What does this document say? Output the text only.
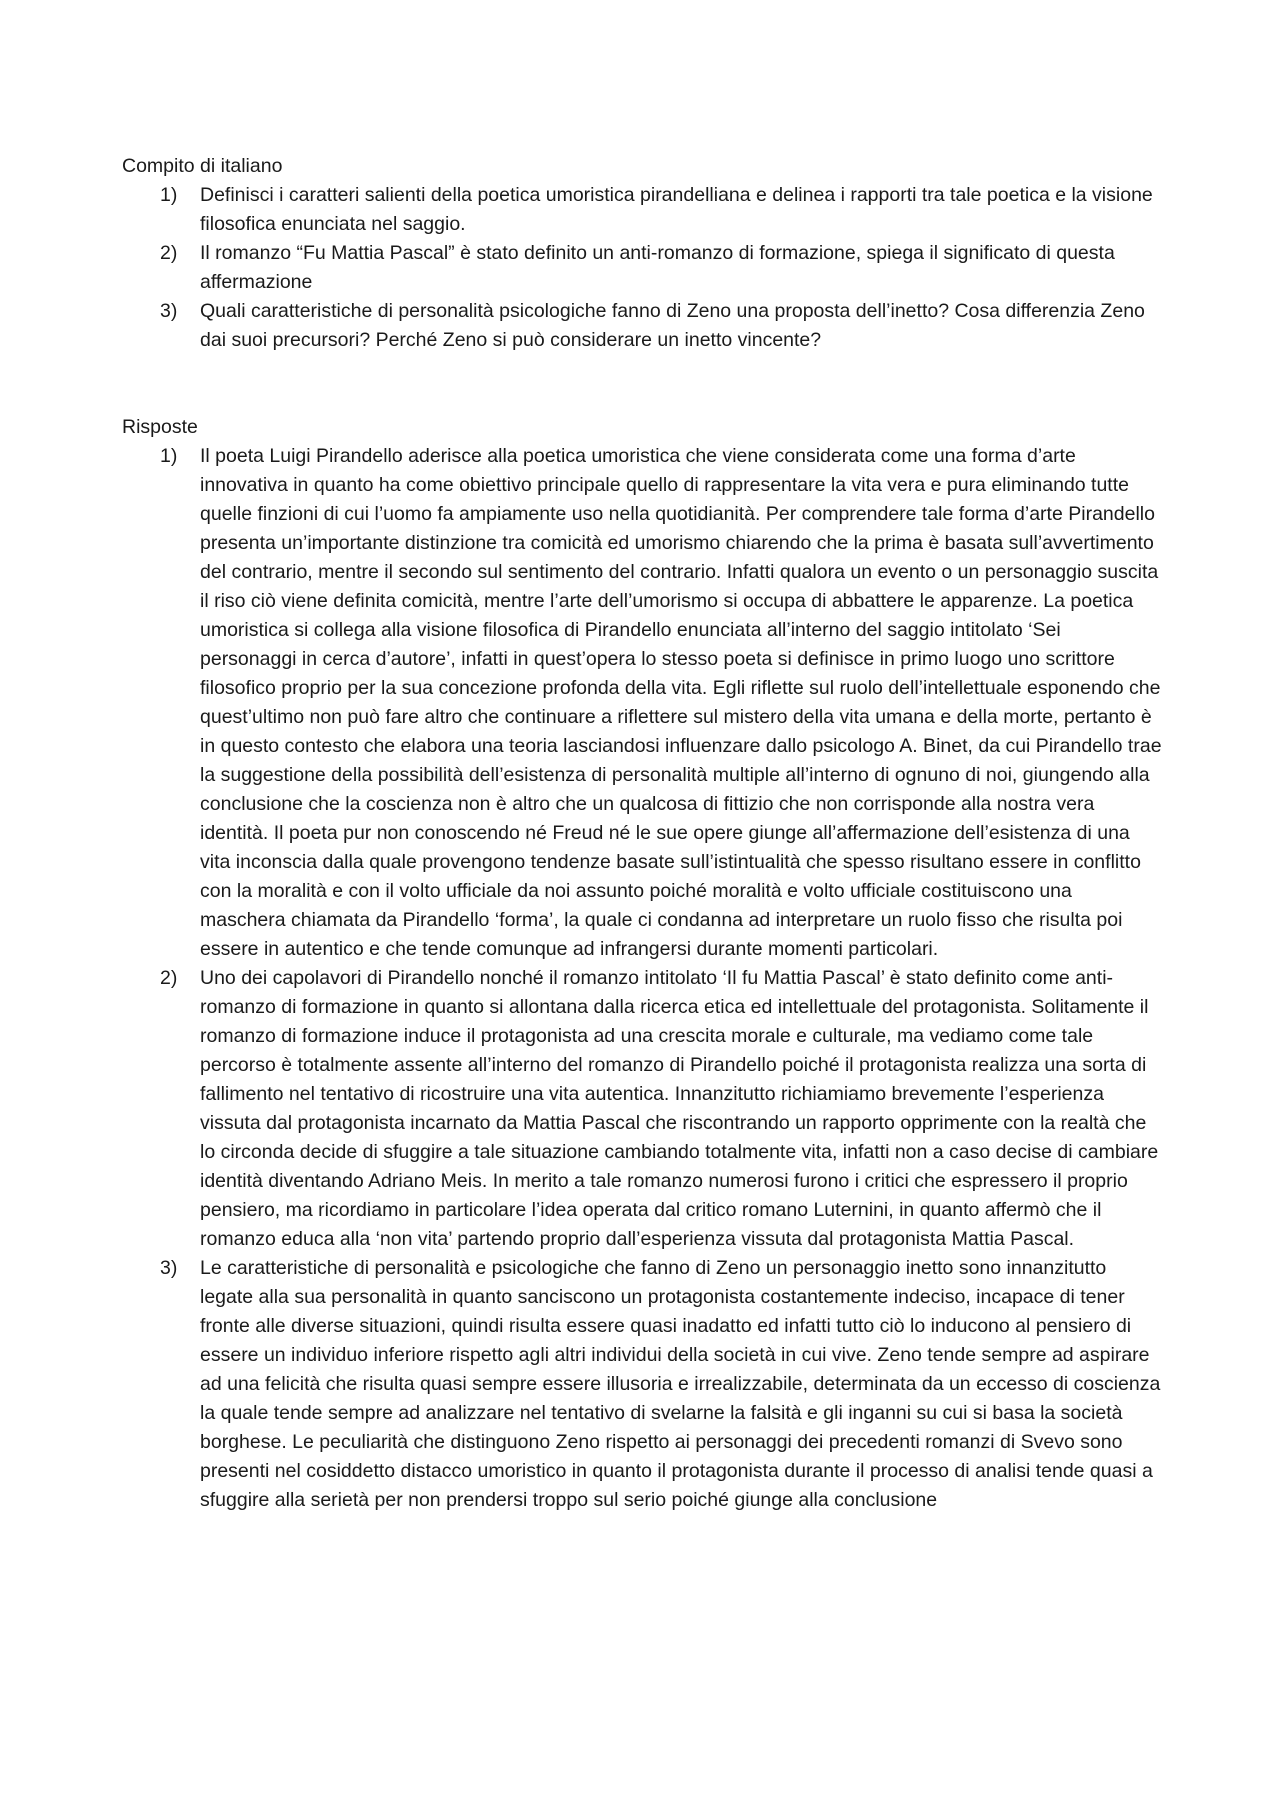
Compito di italiano

1) Definisci i caratteri salienti della poetica umoristica pirandelliana e delinea i rapporti tra tale poetica e la visione filosofica enunciata nel saggio.
2) Il romanzo “Fu Mattia Pascal” è stato definito un anti-romanzo di formazione, spiega il significato di questa affermazione
3) Quali caratteristiche di personalità psicologiche fanno di Zeno una proposta dell’inetto? Cosa differenzia Zeno dai suoi precursori? Perché Zeno si può considerare un inetto vincente?

Risposte

1) Il poeta Luigi Pirandello aderisce alla poetica umoristica che viene considerata come una forma d’arte innovativa in quanto ha come obiettivo principale quello di rappresentare la vita vera e pura eliminando tutte quelle finzioni di cui l’uomo fa ampiamente uso nella quotidianità. Per comprendere tale forma d’arte Pirandello presenta un’importante distinzione tra comicità ed umorismo chiarendo che la prima è basata sull’avvertimento del contrario, mentre il secondo sul sentimento del contrario. Infatti qualora un evento o un personaggio suscita il riso ciò viene definita comicità, mentre l’arte dell’umorismo si occupa di abbattere le apparenze. La poetica umoristica si collega alla visione filosofica di Pirandello enunciata all’interno del saggio intitolato ‘Sei personaggi in cerca d’autore’, infatti in quest’opera lo stesso poeta si definisce in primo luogo uno scrittore filosofico proprio per la sua concezione profonda della vita. Egli riflette sul ruolo dell’intellettuale esponendo che quest’ultimo non può fare altro che continuare a riflettere sul mistero della vita umana e della morte, pertanto è in questo contesto che elabora una teoria lasciandosi influenzare dallo psicologo A. Binet, da cui Pirandello trae la suggestione della possibilità dell’esistenza di personalità multiple all’interno di ognuno di noi, giungendo alla conclusione che la coscienza non è altro che un qualcosa di fittizio che non corrisponde alla nostra vera identità. Il poeta pur non conoscendo né Freud né le sue opere giunge all’affermazione dell’esistenza di una vita inconscia dalla quale provengono tendenze basate sull’istintualità che spesso risultano essere in conflitto con la moralità e con il volto ufficiale da noi assunto poiché moralità e volto ufficiale costituiscono una maschera chiamata da Pirandello ‘forma’, la quale ci condanna ad interpretare un ruolo fisso che risulta poi essere in autentico e che tende comunque ad infrangersi durante momenti particolari.
2) Uno dei capolavori di Pirandello nonché il romanzo intitolato ‘Il fu Mattia Pascal’ è stato definito come anti-romanzo di formazione in quanto si allontana dalla ricerca etica ed intellettuale del protagonista. Solitamente il romanzo di formazione induce il protagonista ad una crescita morale e culturale, ma vediamo come tale percorso è totalmente assente all’interno del romanzo di Pirandello poiché il protagonista realizza una sorta di fallimento nel tentativo di ricostruire una vita autentica. Innanzitutto richiamiamo brevemente l’esperienza vissuta dal protagonista incarnato da Mattia Pascal che riscontrando un rapporto opprimente con la realtà che lo circonda decide di sfuggire a tale situazione cambiando totalmente vita, infatti non a caso decise di cambiare identità diventando Adriano Meis. In merito a tale romanzo numerosi furono i critici che espressero il proprio pensiero, ma ricordiamo in particolare l’idea operata dal critico romano Luternini, in quanto affermò che il romanzo educa alla ‘non vita’ partendo proprio dall’esperienza vissuta dal protagonista Mattia Pascal.
3) Le caratteristiche di personalità e psicologiche che fanno di Zeno un personaggio inetto sono innanzitutto legate alla sua personalità in quanto sanciscono un protagonista costantemente indeciso, incapace di tener fronte alle diverse situazioni, quindi risulta essere quasi inadatto ed infatti tutto ciò lo inducono al pensiero di essere un individuo inferiore rispetto agli altri individui della società in cui vive. Zeno tende sempre ad aspirare ad una felicità che risulta quasi sempre essere illusoria e irrealizzabile, determinata da un eccesso di coscienza la quale tende sempre ad analizzare nel tentativo di svelarne la falsità e gli inganni su cui si basa la società borghese. Le peculiarità che distinguono Zeno rispetto ai personaggi dei precedenti romanzi di Svevo sono presenti nel cosiddetto distacco umoristico in quanto il protagonista durante il processo di analisi tende quasi a sfuggire alla serietà per non prendersi troppo sul serio poiché giunge alla conclusione
